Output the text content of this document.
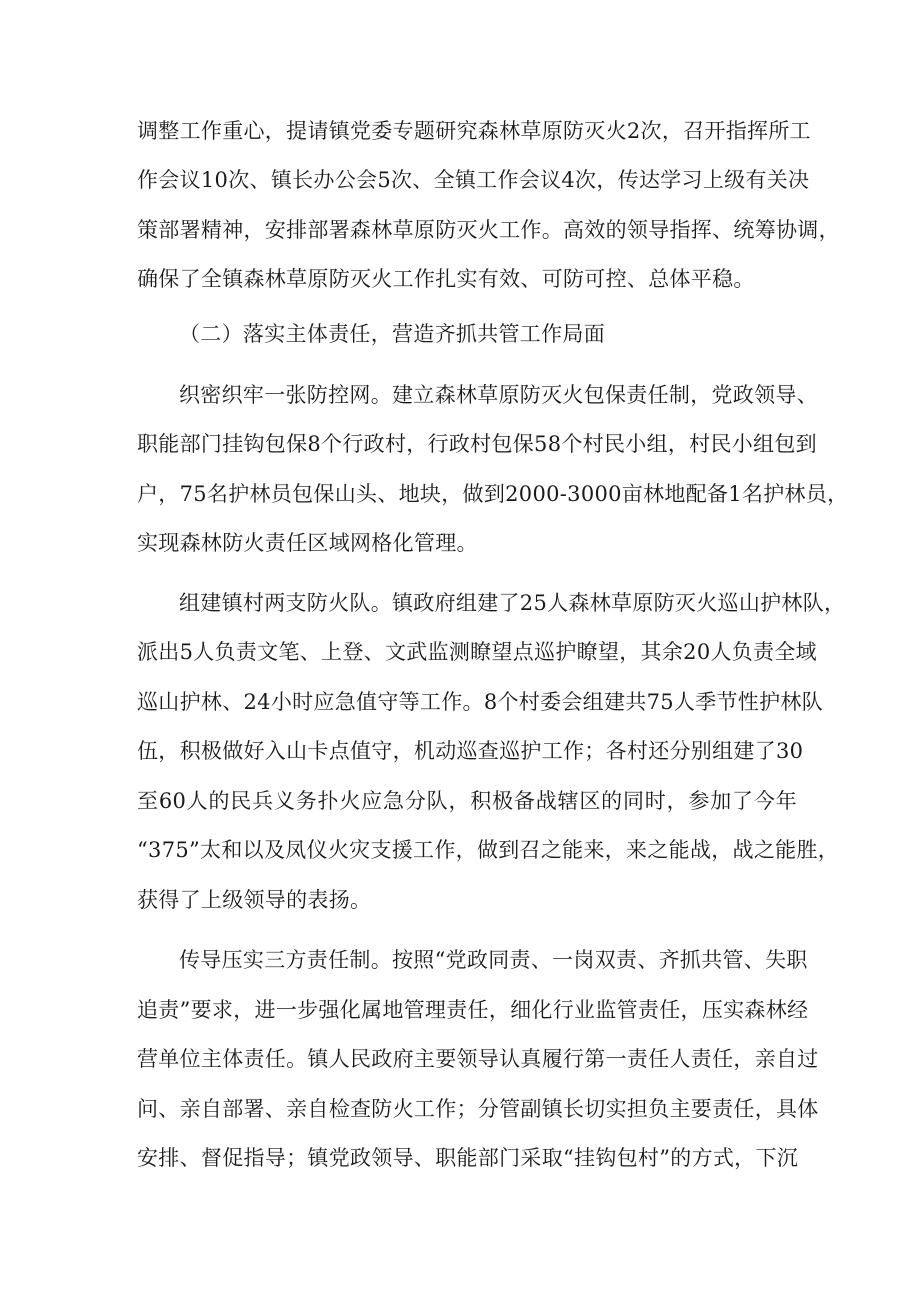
调整工作重心，提请镇党委专题研究森林草原防灭火2次，召开指挥所工
作会议10次、镇长办公会5次、全镇工作会议4次，传达学习上级有关决
策部署精神，安排部署森林草原防灭火工作。高效的领导指挥、统筹协调，
确保了全镇森林草原防灭火工作扎实有效、可防可控、总体平稳。
（二）落实主体责任，营造齐抓共管工作局面
织密织牢一张防控网。建立森林草原防灭火包保责任制，党政领导、
职能部门挂钩包保8个行政村，行政村包保58个村民小组，村民小组包到
户，75名护林员包保山头、地块，做到2000-3000亩林地配备1名护林员，
实现森林防火责任区域网格化管理。
组建镇村两支防火队。镇政府组建了25人森林草原防灭火巡山护林队，
派出5人负责文笔、上登、文武监测瞭望点巡护瞭望，其余20人负责全域
巡山护林、24小时应急值守等工作。8个村委会组建共75人季节性护林队
伍，积极做好入山卡点值守，机动巡查巡护工作；各村还分别组建了30
至60人的民兵义务扑火应急分队，积极备战辖区的同时，参加了今年
“375”太和以及凤仪火灾支援工作，做到召之能来，来之能战，战之能胜，
获得了上级领导的表扬。
传导压实三方责任制。按照“党政同责、一岗双责、齐抓共管、失职
追责”要求，进一步强化属地管理责任，细化行业监管责任，压实森林经
营单位主体责任。镇人民政府主要领导认真履行第一责任人责任，亲自过
问、亲自部署、亲自检查防火工作；分管副镇长切实担负主要责任，具体
安排、督促指导；镇党政领导、职能部门采取“挂钩包村”的方式，下沉
